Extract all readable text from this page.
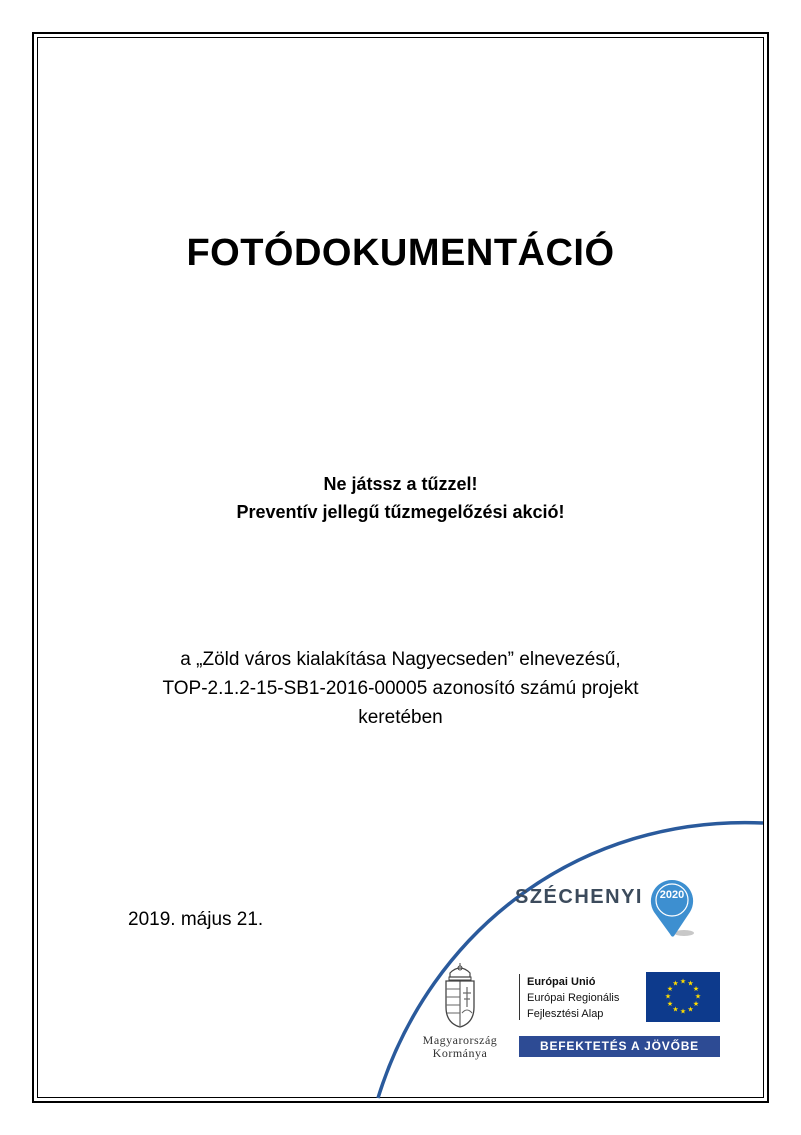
FOTÓDOKUMENTÁCIÓ
Ne játssz a tűzzel!
Preventív jellegű tűzmegelőzési akció!
a „Zöld város kialakítása Nagyecseden” elnevezésű,
TOP-2.1.2-15-SB1-2016-00005 azonosító számú projekt
keretében
2019. május 21.
SZÉCHENYI	2020
Magyarország
Kormánya
Európai Unió
Európai Regionális
Fejlesztési Alap
★ ★
★
★
★
★
★
★
★
★
★
★
BEFEKTETÉS A JÖVŐBE
